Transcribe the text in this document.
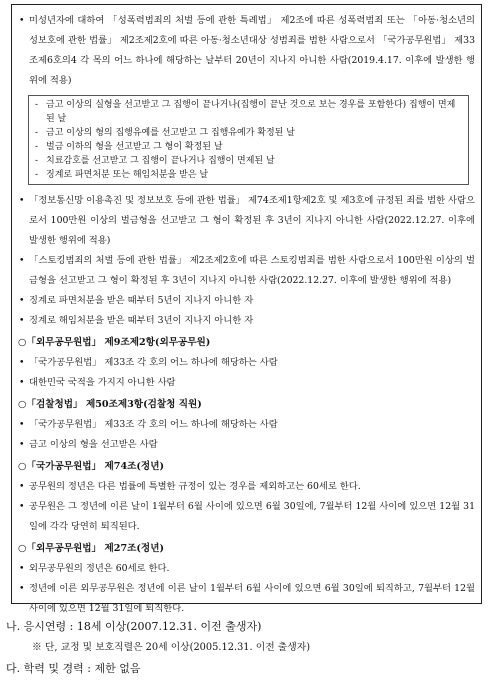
• 미성년자에 대하여 「성폭력범죄의 처벌 등에 관한 특례법」 제2조에 따른 성폭력범죄 또는 「아동·청소년의 성보호에 관한 법률」 제2조제2호에 따른 아동·청소년대상 성범죄를 범한 사람으로서 「국가공무원법」 제33조제6호의4 각 목의 어느 하나에 해당하는 날부터 20년이 지나지 아니한 사람(2019.4.17. 이후에 발생한 행위에 적용)
- 금고 이상의 실형을 선고받고 그 집행이 끝나거나(집행이 끝난 것으로 보는 경우를 포함한다) 집행이 면제된 날
- 금고 이상의 형의 집행유예를 선고받고 그 집행유예가 확정된 날
- 벌금 이하의 형을 선고받고 그 형이 확정된 날
- 치료감호를 선고받고 그 집행이 끝나거나 집행이 면제된 날
- 징계로 파면처분 또는 해임처분을 받은 날
• 「정보통신망 이용촉진 및 정보보호 등에 관한 법률」 제74조제1항제2호 및 제3호에 규정된 죄를 범한 사람으로서 100만원 이상의 벌금형을 선고받고 그 형이 확정된 후 3년이 지나지 아니한 사람(2022.12.27. 이후에 발생한 행위에 적용)
• 「스토킹범죄의 처벌 등에 관한 법률」 제2조제2호에 따른 스토킹범죄를 범한 사람으로서 100만원 이상의 벌금형을 선고받고 그 형이 확정된 후 3년이 지나지 아니한 사람(2022.12.27. 이후에 발생한 행위에 적용)
• 징계로 파면처분을 받은 때부터 5년이 지나지 아니한 자
• 징계로 해임처분을 받은 때부터 3년이 지나지 아니한 자
○「외무공무원법」 제9조제2항(외무공무원)
• 「국가공무원법」 제33조 각 호의 어느 하나에 해당하는 사람
• 대한민국 국적을 가지지 아니한 사람
○「검찰청법」 제50조제3항(검찰청 직원)
• 「국가공무원법」 제33조 각 호의 어느 하나에 해당하는 사람
• 금고 이상의 형을 선고받은 사람
○「국가공무원법」 제74조(정년)
• 공무원의 정년은 다른 법률에 특별한 규정이 있는 경우를 제외하고는 60세로 한다.
• 공무원은 그 정년에 이른 날이 1월부터 6월 사이에 있으면 6월 30일에, 7월부터 12월 사이에 있으면 12월 31일에 각각 당연히 퇴직된다.
○「외무공무원법」 제27조(정년)
• 외무공무원의 정년은 60세로 한다.
• 정년에 이른 외무공무원은 정년에 이른 날이 1월부터 6월 사이에 있으면 6월 30일에 퇴직하고, 7월부터 12월 사이에 있으면 12월 31일에 퇴직한다.
나. 응시연령 : 18세 이상(2007.12.31. 이전 출생자)
※ 단, 교정 및 보호직렬은 20세 이상(2005.12.31. 이전 출생자)
다. 학력 및 경력 : 제한 없음
